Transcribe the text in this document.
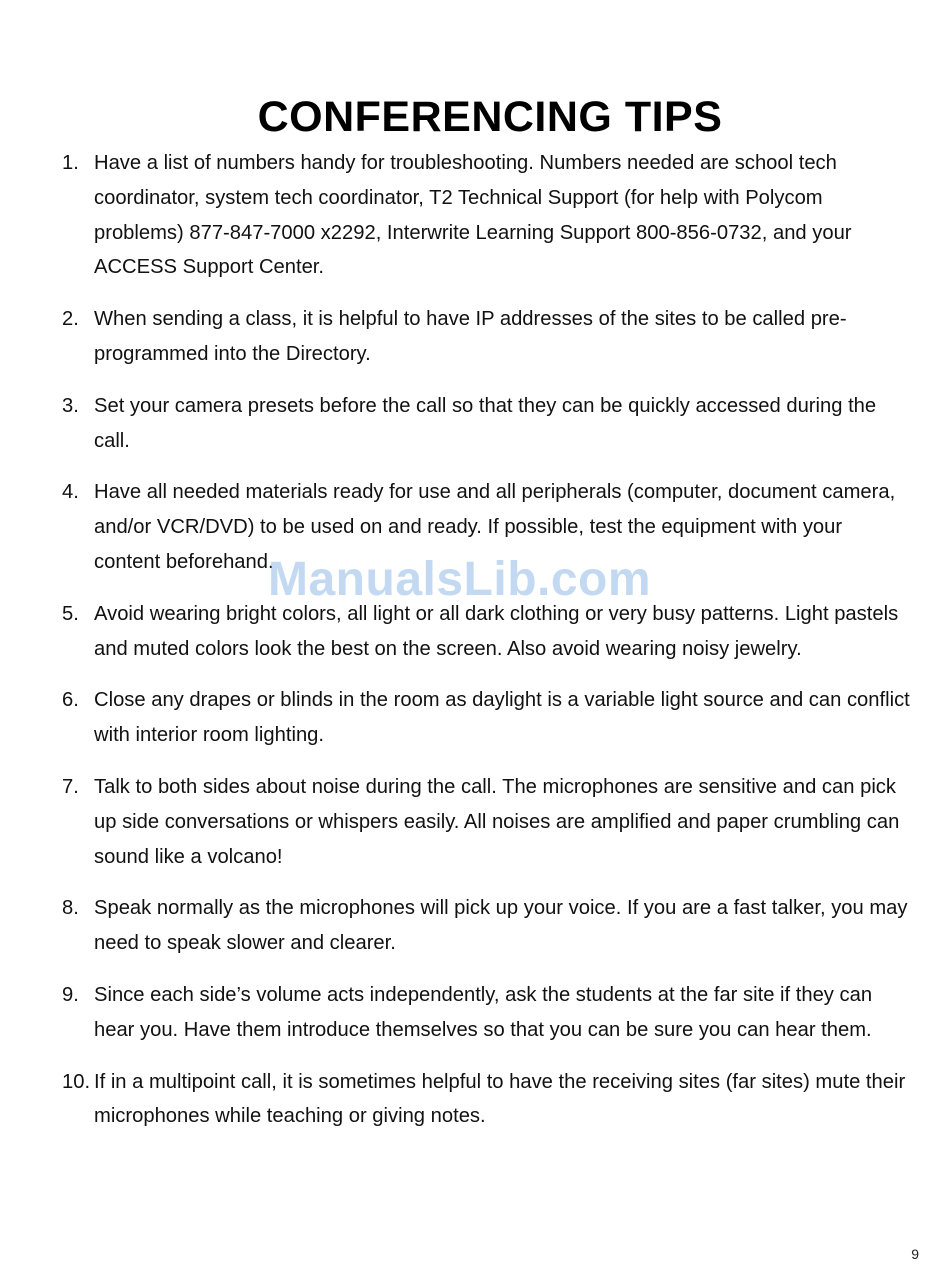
CONFERENCING TIPS
1. Have a list of numbers handy for troubleshooting. Numbers needed are school tech coordinator, system tech coordinator, T2 Technical Support (for help with Polycom problems) 877-847-7000 x2292, Interwrite Learning Support 800-856-0732, and your ACCESS Support Center.
2. When sending a class, it is helpful to have IP addresses of the sites to be called pre-programmed into the Directory.
3. Set your camera presets before the call so that they can be quickly accessed during the call.
4. Have all needed materials ready for use and all peripherals (computer, document camera, and/or VCR/DVD) to be used on and ready. If possible, test the equipment with your content beforehand.
5. Avoid wearing bright colors, all light or all dark clothing or very busy patterns. Light pastels and muted colors look the best on the screen. Also avoid wearing noisy jewelry.
6. Close any drapes or blinds in the room as daylight is a variable light source and can conflict with interior room lighting.
7. Talk to both sides about noise during the call. The microphones are sensitive and can pick up side conversations or whispers easily. All noises are amplified and paper crumbling can sound like a volcano!
8. Speak normally as the microphones will pick up your voice. If you are a fast talker, you may need to speak slower and clearer.
9. Since each side’s volume acts independently, ask the students at the far site if they can hear you. Have them introduce themselves so that you can be sure you can hear them.
10. If in a multipoint call, it is sometimes helpful to have the receiving sites (far sites) mute their microphones while teaching or giving notes.
ManualsLib.com
9
